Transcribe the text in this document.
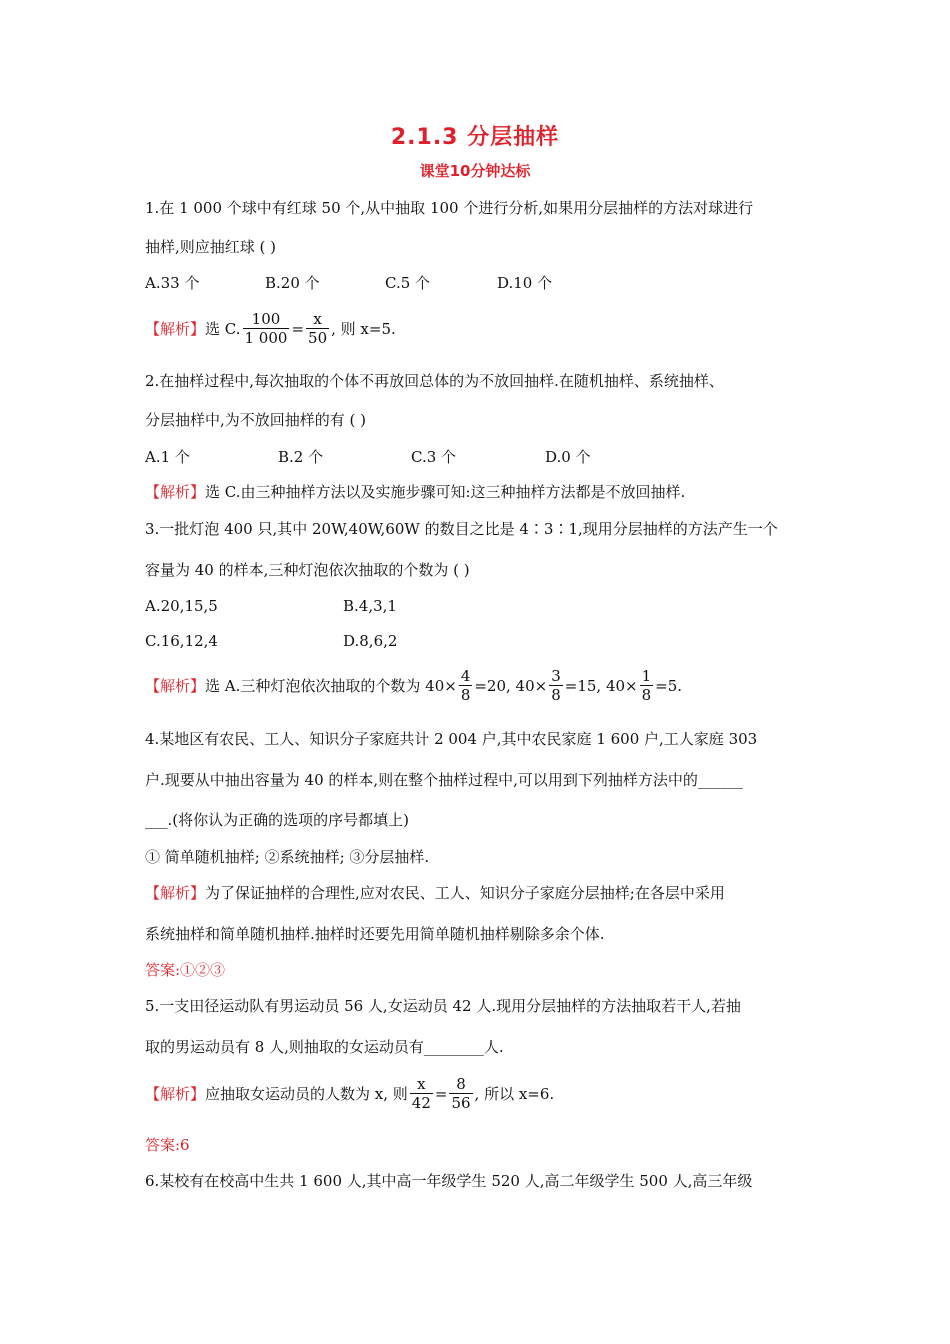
2.1.3 分层抽样
课堂10分钟达标
1.在 1 000 个球中有红球 50 个,从中抽取 100 个进行分析,如果用分层抽样的方法对球进行
抽样,则应抽红球 ( )
A.33 个	B.20 个	C.5 个	D.10 个
【解析】选 C. $\frac{100}{1 000} = \frac{x}{50}$ , 则 x=5.
2.在抽样过程中,每次抽取的个体不再放回总体的为不放回抽样.在随机抽样、系统抽样、
分层抽样中,为不放回抽样的有 ( )
A.1 个	B.2 个	C.3 个	D.0 个
【解析】选 C.由三种抽样方法以及实施步骤可知:这三种抽样方法都是不放回抽样.
3.一批灯泡 400 只,其中 20W,40W,60W 的数目之比是 4∶3∶1,现用分层抽样的方法产生一个
容量为 40 的样本,三种灯泡依次抽取的个数为 ( )
A.20,15,5	B.4,3,1
C.16,12,4	D.8,6,2
【解析】选 A.三种灯泡依次抽取的个数为 $40\times \frac{4}{8} =20$, $40\times \frac{3}{8} =15$, $40\times \frac{1}{8} =5$.
4.某地区有农民、工人、知识分子家庭共计 2 004 户,其中农民家庭 1 600 户,工人家庭 303
户.现要从中抽出容量为 40 的样本,则在整个抽样过程中,可以用到下列抽样方法中的______
___.(将你认为正确的选项的序号都填上)
① 简单随机抽样; ②系统抽样; ③分层抽样.
【解析】为了保证抽样的合理性,应对农民、工人、知识分子家庭分层抽样;在各层中采用
系统抽样和简单随机抽样.抽样时还要先用简单随机抽样剔除多余个体.
答案:①②③
5.一支田径运动队有男运动员 56 人,女运动员 42 人.现用分层抽样的方法抽取若干人,若抽
取的男运动员有 8 人,则抽取的女运动员有________人.
【解析】应抽取女运动员的人数为 x, 则 $\frac{x}{42} = \frac{8}{56}$ , 所以 x=6.
答案:6
6.某校有在校高中生共 1 600 人,其中高一年级学生 520 人,高二年级学生 500 人,高三年级
